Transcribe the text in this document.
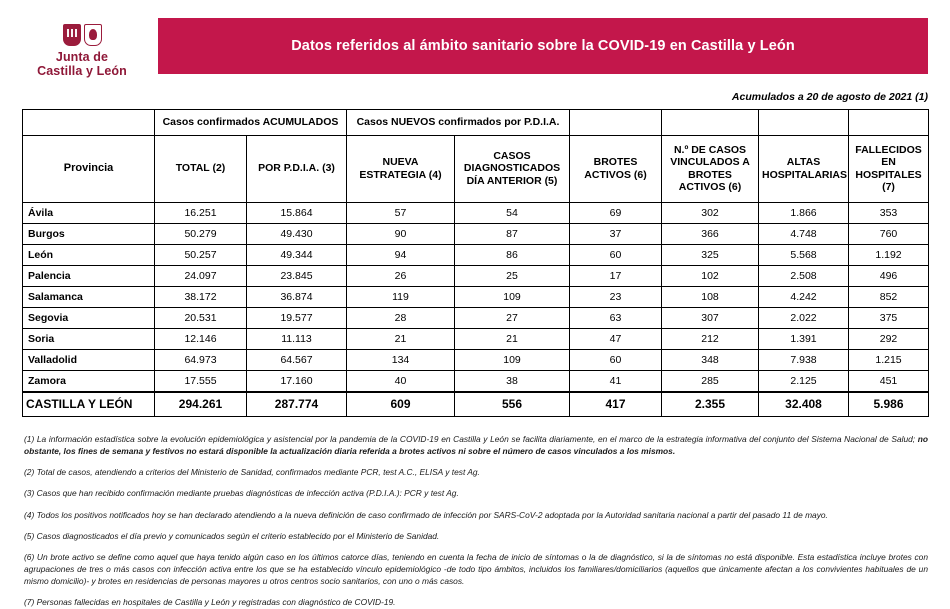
Junta de
Castilla y León
Datos referidos al ámbito sanitario sobre la COVID-19 en Castilla y León
Acumulados a 20 de agosto de 2021 (1)
	Casos confirmados ACUMULADOS		Casos NUEVOS confirmados por P.D.I.A.					
Provincia	TOTAL (2)	POR P.D.I.A. (3)	NUEVA ESTRATEGIA (4)	CASOS DIAGNOSTICADOS DÍA ANTERIOR (5)	BROTES ACTIVOS (6)	N.º DE CASOS VINCULADOS A BROTES ACTIVOS (6)	ALTAS HOSPITALARIAS	FALLECIDOS EN HOSPITALES (7)
Ávila	16.251	15.864	57	54	69	302	1.866	353
Burgos	50.279	49.430	90	87	37	366	4.748	760
León	50.257	49.344	94	86	60	325	5.568	1.192
Palencia	24.097	23.845	26	25	17	102	2.508	496
Salamanca	38.172	36.874	119	109	23	108	4.242	852
Segovia	20.531	19.577	28	27	63	307	2.022	375
Soria	12.146	11.113	21	21	47	212	1.391	292
Valladolid	64.973	64.567	134	109	60	348	7.938	1.215
Zamora	17.555	17.160	40	38	41	285	2.125	451
CASTILLA Y LEÓN	294.261	287.774	609	556	417	2.355	32.408	5.986

(1) La información estadística sobre la evolución epidemiológica y asistencial por la pandemia de la COVID-19 en Castilla y León se facilita diariamente, en el marco de la estrategia informativa del conjunto del Sistema Nacional de Salud; no obstante, los fines de semana y festivos no estará disponible la actualización diaria referida a brotes activos ni sobre el número de casos vinculados a los mismos.

(2) Total de casos, atendiendo a criterios del Ministerio de Sanidad, confirmados mediante PCR, test A.C., ELISA y test Ag.

(3) Casos que han recibido confirmación mediante pruebas diagnósticas de infección activa (P.D.I.A.): PCR y test Ag.

(4) Todos los positivos notificados hoy se han declarado atendiendo a la nueva definición de caso confirmado de infección por SARS-CoV-2 adoptada por la Autoridad sanitaria nacional a partir del pasado 11 de mayo.

(5) Casos diagnosticados el día previo y comunicados según el criterio establecido por el Ministerio de Sanidad.

(6) Un brote activo se define como aquel que haya tenido algún caso en los últimos catorce días, teniendo en cuenta la fecha de inicio de síntomas o la de diagnóstico, si la de síntomas no está disponible. Esta estadística incluye brotes con agrupaciones de tres o más casos con infección activa entre los que se ha establecido vínculo epidemiológico -de todo tipo ámbitos, incluidos los familiares/domiciliarios (aquellos que únicamente afectan a los convivientes habituales de un mismo domicilio)- y brotes en residencias de personas mayores u otros centros socio sanitarios, con uno o más casos.

(7) Personas fallecidas en hospitales de Castilla y León y registradas con diagnóstico de COVID-19.
